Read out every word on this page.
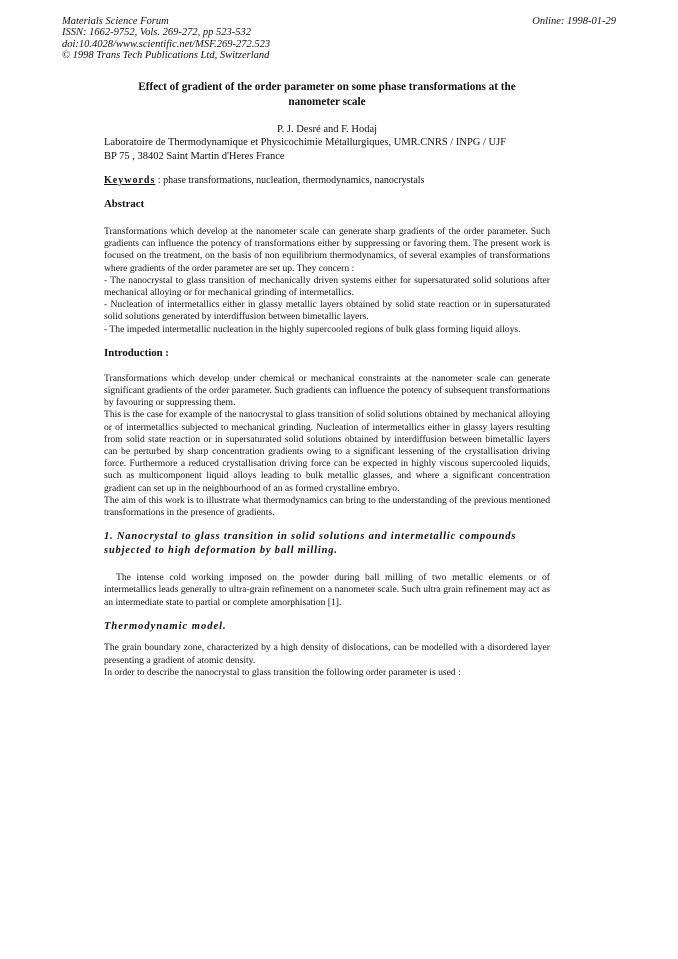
Materials Science Forum
ISSN: 1662-9752, Vols. 269-272, pp 523-532
doi:10.4028/www.scientific.net/MSF.269-272.523
© 1998 Trans Tech Publications Ltd, Switzerland
Online: 1998-01-29
Effect of gradient of the order parameter on some phase transformations at the nanometer scale
P. J. Desré and F. Hodaj

Laboratoire de Thermodynamique et Physicochimie Métallurgiques, UMR.CNRS / INPG / UJF

BP 75 , 38402 Saint Martin d'Heres France

Keywords : phase transformations, nucleation, thermodynamics, nanocrystals
Abstract

Transformations which develop at the nanometer scale can generate sharp gradients of the order parameter. Such gradients can influence the potency of transformations either by suppressing or favoring them. The present work is focused on the treatment, on the basis of non equilibrium thermodynamics, of several examples of transformations where gradients of the order parameter are set up. They concern :

- The nanocrystal to glass transition of mechanically driven systems either for supersaturated solid solutions after mechanical alloying or for mechanical grinding of intermetallics.

- Nucleation of intermetallics either in glassy metallic layers obtained by solid state reaction or in supersaturated solid solutions generated by interdiffusion between bimetallic layers.

- The impeded intermetallic nucleation in the highly supercooled regions of bulk glass forming liquid alloys.

Introduction :

Transformations which develop under chemical or mechanical constraints at the nanometer scale can generate significant gradients of the order parameter. Such gradients can influence the potency of subsequent transformations by favouring or suppressing them.

This is the case for example of the nanocrystal to glass transition of solid solutions obtained by mechanical alloying or of intermetallics subjected to mechanical grinding. Nucleation of intermetallics either in glassy layers resulting from solid state reaction or in supersaturated solid solutions obtained by interdiffusion between bimetallic layers can be perturbed by sharp concentration gradients owing to a significant lessening of the crystallisation driving force. Furthermore a reduced crystallisation driving force can be expected in highly viscous supercooled liquids, such as multicomponent liquid alloys leading to bulk metallic glasses, and where a significant concentration gradient can set up in the neighbourhood of an as formed crystalline embryo.

The aim of this work is to illustrate what thermodynamics can bring to the understanding of the previous mentioned transformations in the presence of gradients.

1. Nanocrystal to glass transition in solid solutions and intermetallic compounds subjected to high deformation by ball milling.

The intense cold working imposed on the powder during ball milling of two metallic elements or of intermetallics leads generally to ultra-grain refinement on a nanometer scale. Such ultra grain refinement may act as an intermediate state to partial or complete amorphisation [1].

Thermodynamic model.

The grain boundary zone, characterized by a high density of dislocations, can be modelled with a disordered layer presenting a gradient of atomic density.

In order to describe the nanocrystal to glass transition the following order parameter is used :
